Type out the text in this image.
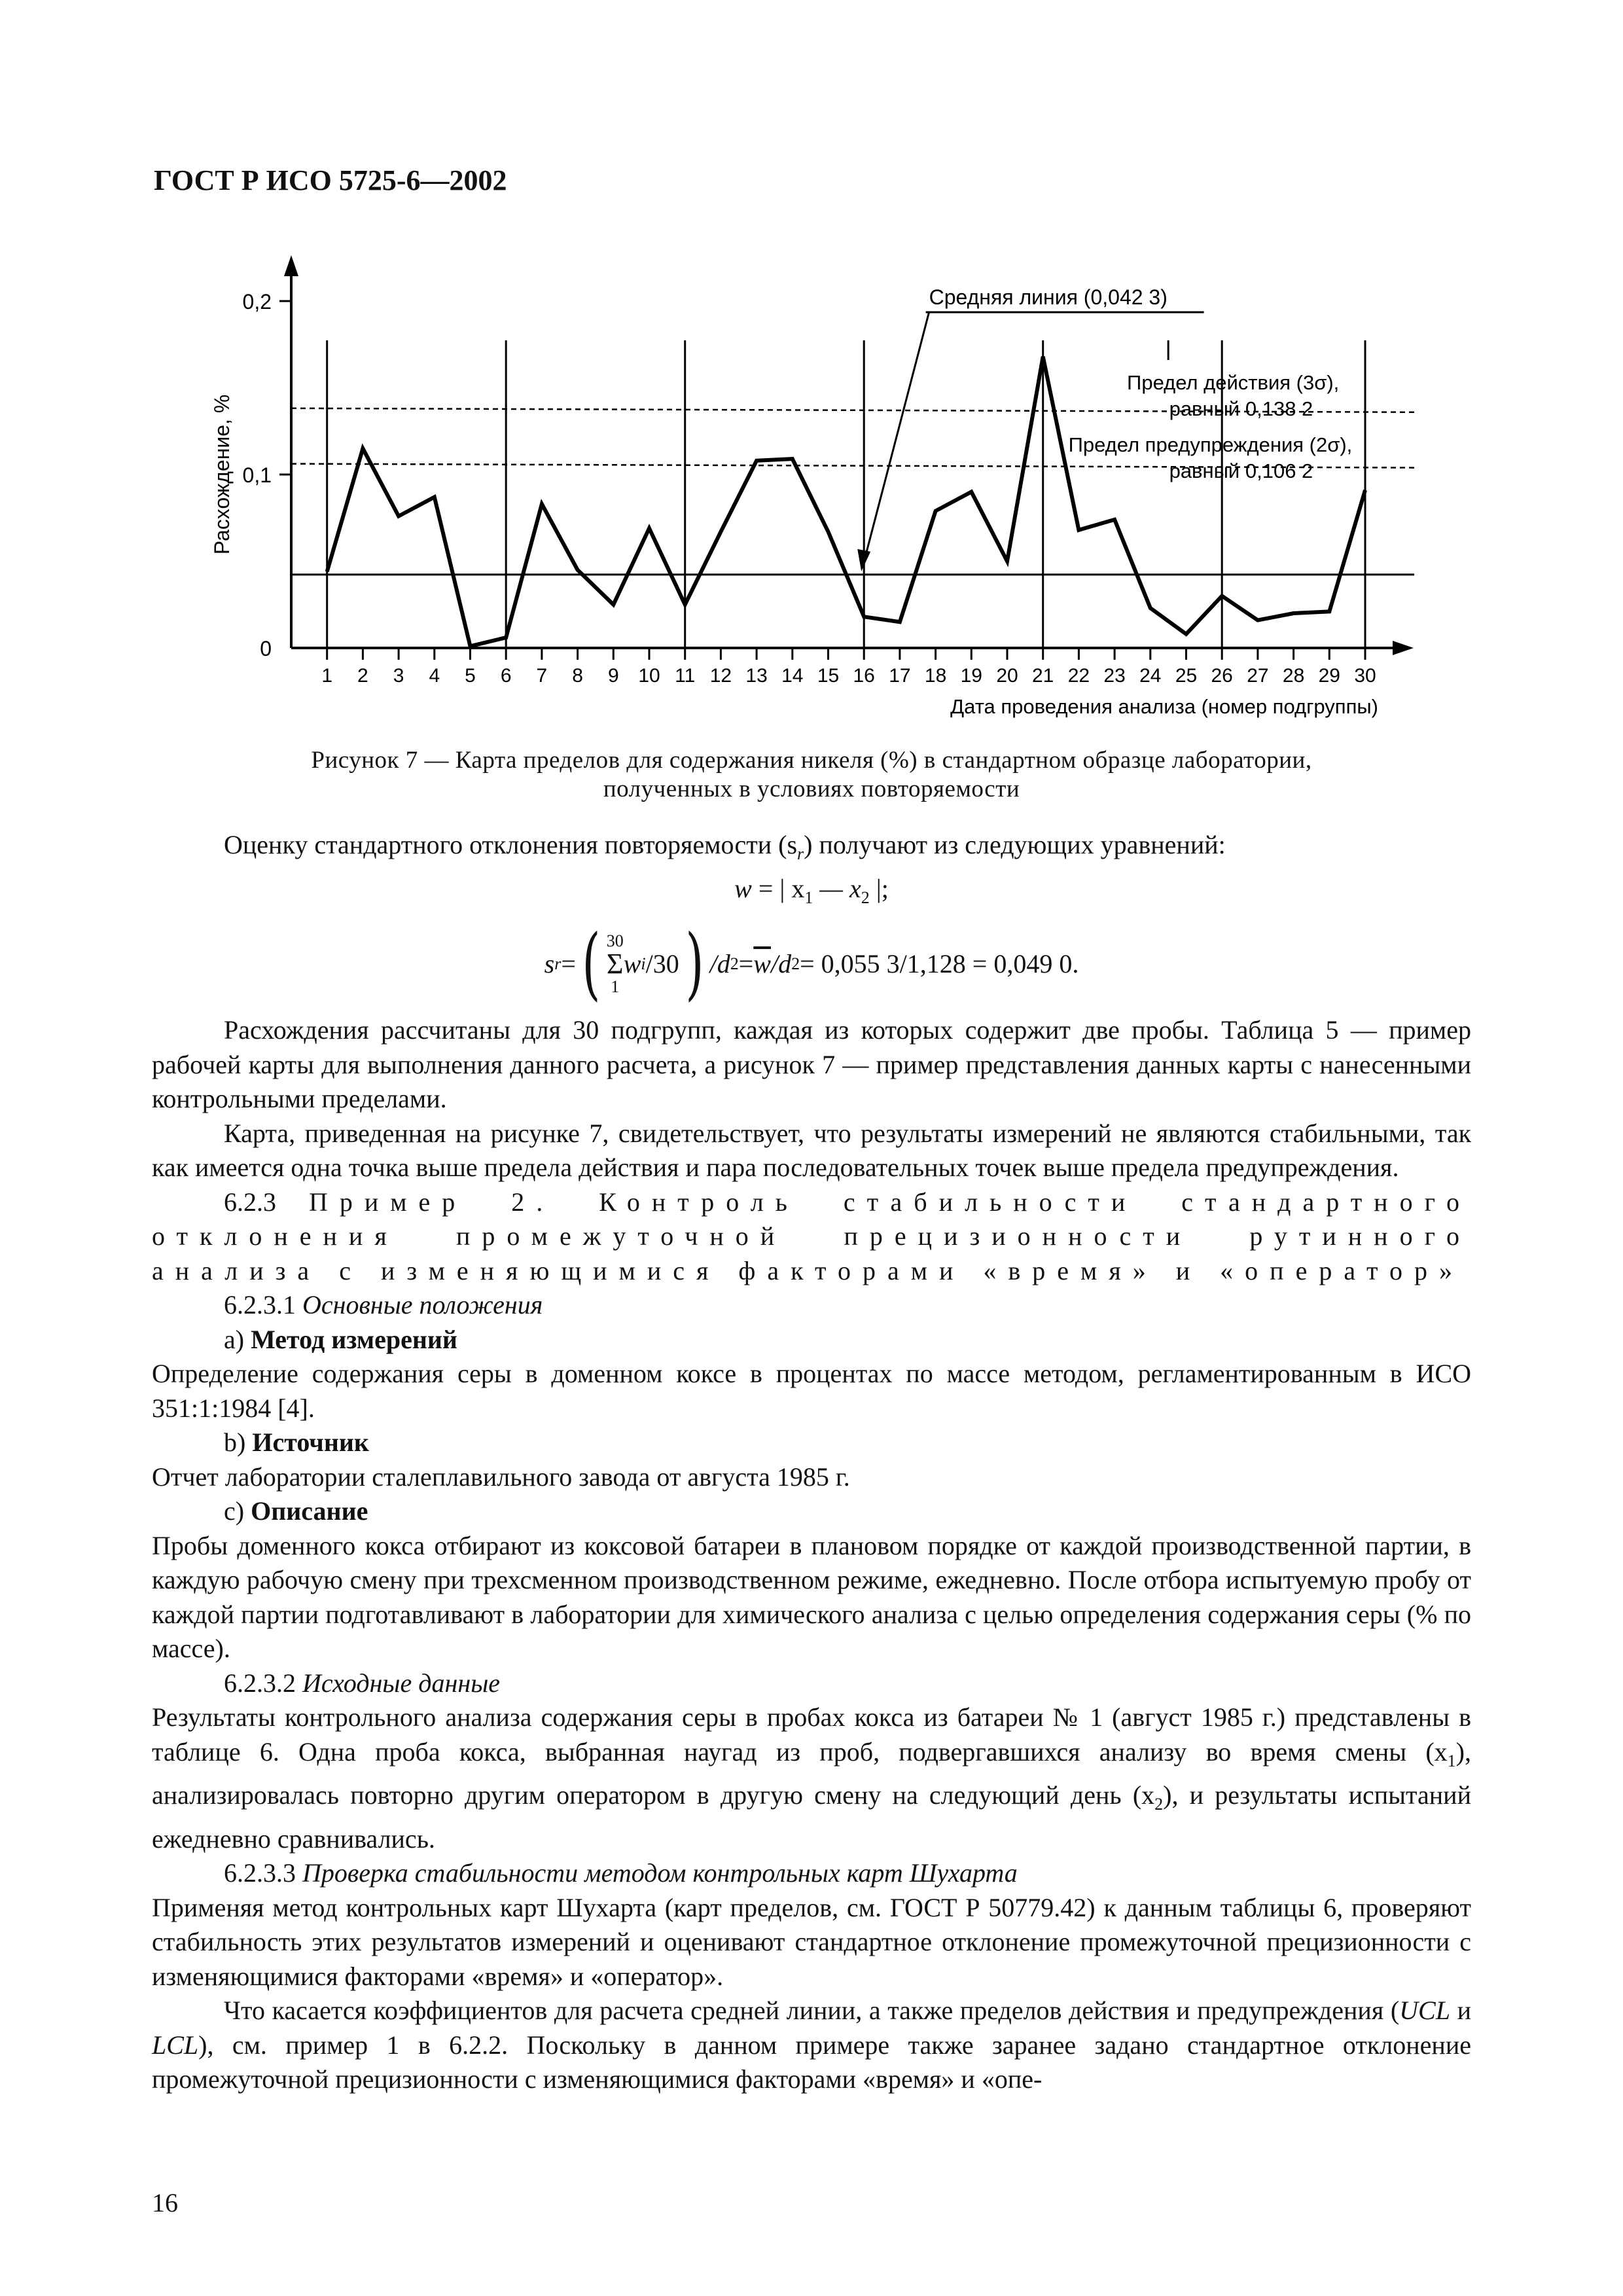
ГОСТ Р ИСО 5725-6—2002
0
0,1
0,2
Расхождение, %
1 2 3 4 5 6 7 8 9 10 11 12 13 14 15 16 17 18 19 20 21 22 23 24 25 26 27 28 29 30
Дата проведения анализа (номер подгруппы)
Средняя линия (0,042 3)
Предел действия (3σ),
равный 0,138 2
Предел предупреждения (2σ),
равный 0,106 2
Рисунок 7 — Карта пределов для содержания никеля (%) в стандартном образце лаборатории,
полученных в условиях повторяемости

Оценку стандартного отклонения повторяемости $(s_r)$ получают из следующих уравнений:

w = | $x_1$ — $x_2$ |;

s r = ( 30
Σ
1
w i /30 ) /d $2 = \overline{w}$ /d 2 = 0,055 3/1,128 = 0,049 0.

Расхождения рассчитаны для 30 подгрупп, каждая из которых содержит две пробы. Таблица 5 — пример рабочей карты для выполнения данного расчета, а рисунок 7 — пример представления данных карты с нанесенными контрольными пределами.

Карта, приведенная на рисунке 7, свидетельствует, что результаты измерений не являются стабильными, так как имеется одна точка выше предела действия и пара последовательных точек выше предела предупреждения.

6.2.3 Пример 2. Контроль стабильности стандартного отклонения промежуточной прецизионности рутинного анализа с изменяющимися факторами «время» и «оператор»

6.2.3.1 Основные положения

a) Метод измерений

Определение содержания серы в доменном коксе в процентах по массе методом, регламентированным в ИСО 351:1:1984 [4].

b) Источник

Отчет лаборатории сталеплавильного завода от августа 1985 г.

c) Описание

Пробы доменного кокса отбирают из коксовой батареи в плановом порядке от каждой производственной партии, в каждую рабочую смену при трехсменном производственном режиме, ежедневно. После отбора испытуемую пробу от каждой партии подготавливают в лаборатории для химического анализа с целью определения содержания серы (% по массе).

6.2.3.2 Исходные данные

Результаты контрольного анализа содержания серы в пробах кокса из батареи № 1 (август 1985 г.) представлены в таблице 6. Одна проба кокса, выбранная наугад из проб, подвергавшихся анализу во время смены $(x_1)$, анализировалась повторно другим оператором в другую смену на следующий день $(x_2)$, и результаты испытаний ежедневно сравнивались.

6.2.3.3 Проверка стабильности методом контрольных карт Шухарта

Применяя метод контрольных карт Шухарта (карт пределов, см. ГОСТ Р 50779.42) к данным таблицы 6, проверяют стабильность этих результатов измерений и оценивают стандартное отклонение промежуточной прецизионности с изменяющимися факторами «время» и «оператор».

Что касается коэффициентов для расчета средней линии, а также пределов действия и предупреждения (UCL и LCL), см. пример 1 в 6.2.2. Поскольку в данном примере также заранее задано стандартное отклонение промежуточной прецизионности с изменяющимися факторами «время» и «опе-

16
